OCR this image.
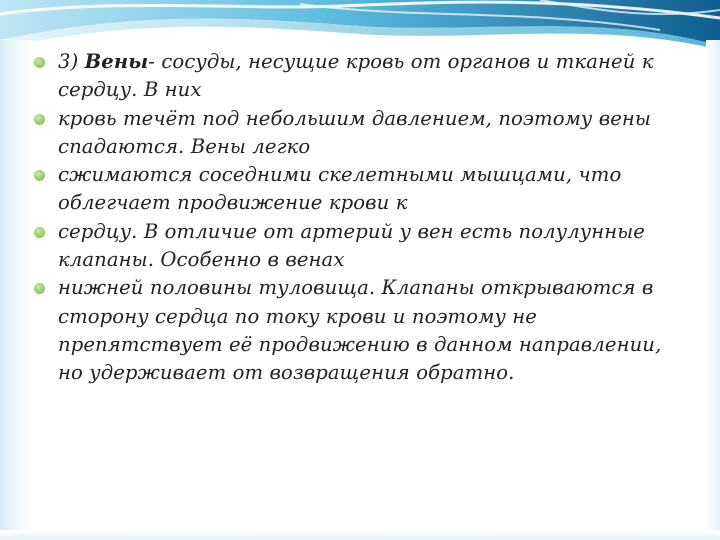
3) Вены- сосуды, несущие кровь от органов и тканей к сердцу. В них
кровь течёт под небольшим давлением, поэтому вены спадаются. Вены легко
сжимаются соседними скелетными мышцами, что облегчает продвижение крови к
сердцу. В отличие от артерий у вен есть полулунные клапаны. Особенно в венах
нижней половины туловища. Клапаны открываются в сторону сердца по току крови и поэтому не препятствует её продвижению в данном направлении, но удерживает от возвращения обратно.
